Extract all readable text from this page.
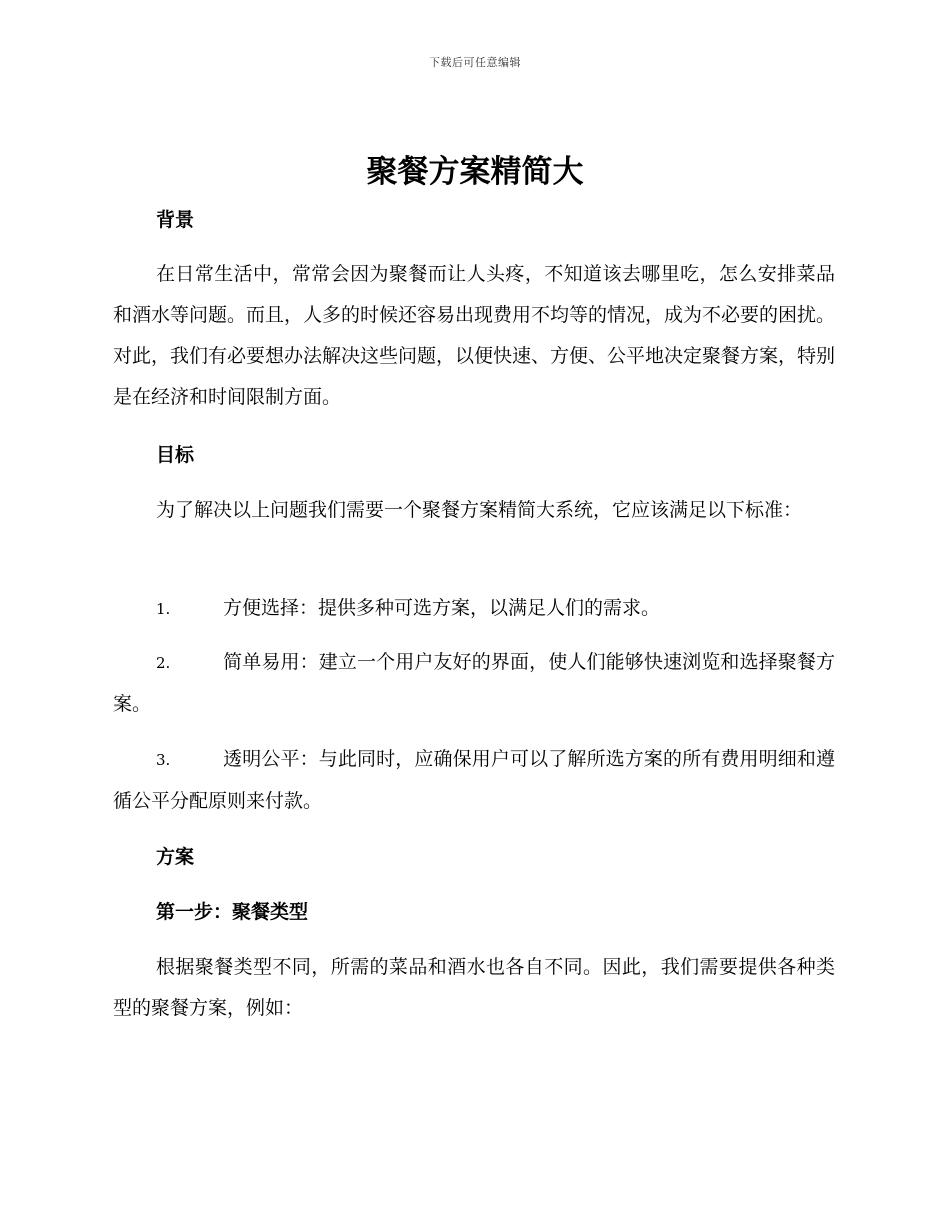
下载后可任意编辑
聚餐方案精简大

背景

在日常生活中，常常会因为聚餐而让人头疼，不知道该去哪里吃，怎么安排菜品和酒水等问题。而且，人多的时候还容易出现费用不均等的情况，成为不必要的困扰。对此，我们有必要想办法解决这些问题，以便快速、方便、公平地决定聚餐方案，特别是在经济和时间限制方面。

目标

为了解决以上问题我们需要一个聚餐方案精简大系统，它应该满足以下标准：

1.	方便选择：提供多种可选方案，以满足人们的需求。

2.	简单易用：建立一个用户友好的界面，使人们能够快速浏览和选择聚餐方案。

3.	透明公平：与此同时，应确保用户可以了解所选方案的所有费用明细和遵循公平分配原则来付款。

方案

第一步：聚餐类型

根据聚餐类型不同，所需的菜品和酒水也各自不同。因此，我们需要提供各种类型的聚餐方案，例如：
